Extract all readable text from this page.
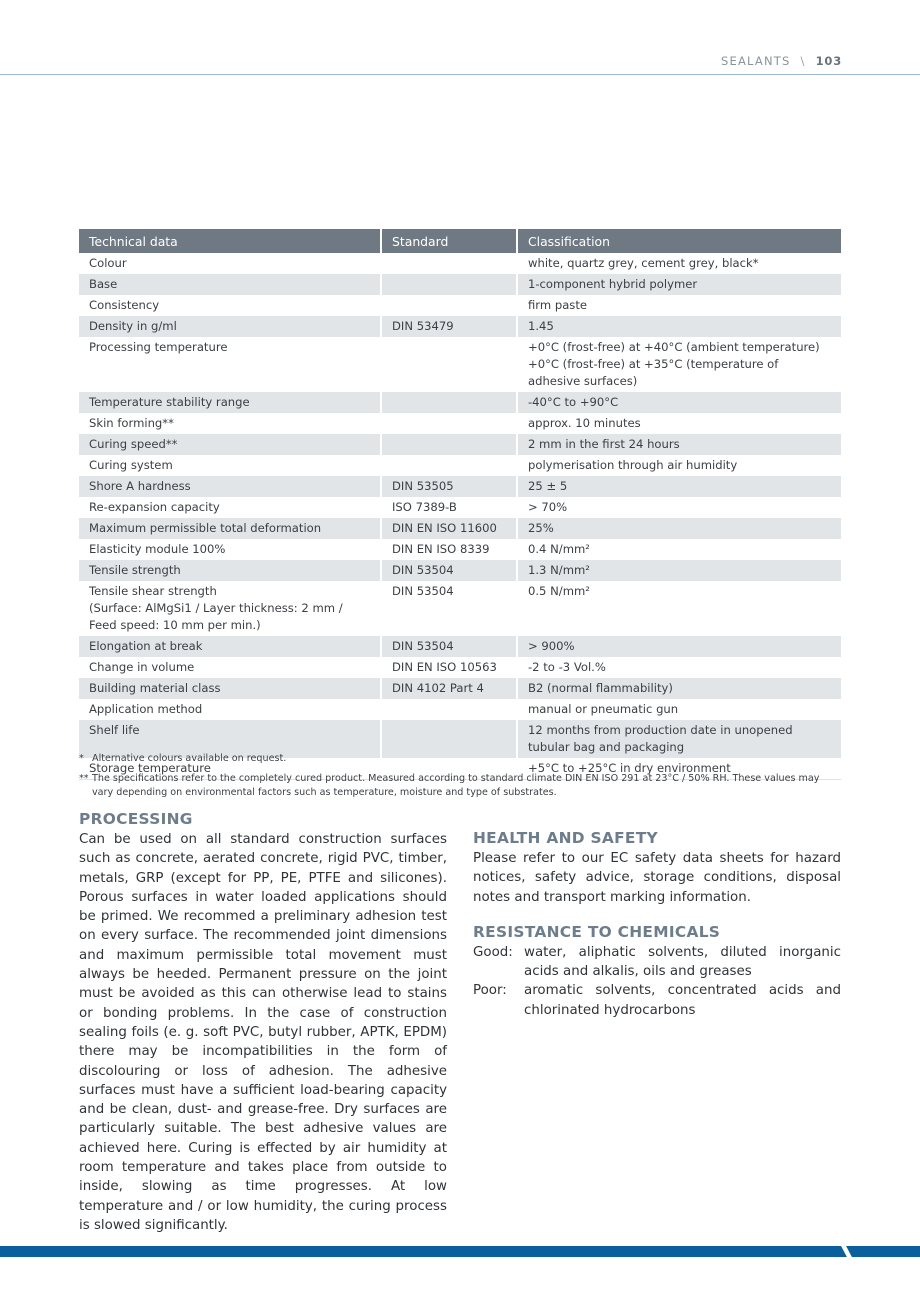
SEALANTS \ 103
Technical data	Standard	Classification
Colour		white, quartz grey, cement grey, black*

Base		1-component hybrid polymer

Consistency		firm paste

Density in g/ml	DIN 53479	1.45

Processing temperature		+0°C (frost-free) at +40°C (ambient temperature)
+0°C (frost-free) at +35°C (temperature of adhesive surfaces)

Temperature stability range		-40°C to +90°C

Skin forming**		approx. 10 minutes

Curing speed**		2 mm in the first 24 hours

Curing system		polymerisation through air humidity

Shore A hardness	DIN 53505	25 ± 5

Re-expansion capacity	ISO 7389-B	> 70%

Maximum permissible total deformation	DIN EN ISO 11600	25%

Elasticity module 100%	DIN EN ISO 8339	0.4 N/mm²

Tensile strength	DIN 53504	1.3 N/mm²

Tensile shear strength
(Surface: AlMgSi1 / Layer thickness: 2 mm /
Feed speed: 10 mm per min.)	DIN 53504	0.5 N/mm²

Elongation at break	DIN 53504	> 900%

Change in volume	DIN EN ISO 10563	-2 to -3 Vol.%

Building material class	DIN 4102 Part 4	B2 (normal flammability)

Application method		manual or pneumatic gun

Shelf life		12 months from production date in unopened
tubular bag and packaging

Storage temperature		+5°C to +25°C in dry environment
* Alternative colours available on request.
** The specifications refer to the completely cured product. Measured according to standard climate DIN EN ISO 291 at 23°C / 50% RH. These values may vary depending on environmental factors such as temperature, moisture and type of substrates.
PROCESSING

Can be used on all standard construction surfaces such as concrete, aerated concrete, rigid PVC, timber, metals, GRP (except for PP, PE, PTFE and silicones). Porous surfaces in water loaded applications should be primed. We recommed a preliminary adhesion test on every surface. The recommended joint dimensions and maximum permissible total movement must always be heeded. Permanent pressure on the joint must be avoided as this can otherwise lead to stains or bonding problems. In the case of construction sealing foils (e. g. soft PVC, butyl rubber, APTK, EPDM) there may be incompatibilities in the form of discolouring or loss of adhesion. The adhesive surfaces must have a sufficient load-bearing capacity and be clean, dust- and grease-free. Dry surfaces are particularly suitable. The best adhesive values are achieved here. Curing is effected by air humidity at room temperature and takes place from outside to inside, slowing as time progresses. At low temperature and / or low humidity, the curing process is slowed significantly.

HEALTH AND SAFETY

Please refer to our EC safety data sheets for hazard notices, safety advice, storage conditions, disposal notes and transport marking information.

RESISTANCE TO CHEMICALS
Good: water, aliphatic solvents, diluted inorganic acids and alkalis, oils and greases
Poor:	aromatic solvents, concentrated acids and chlorinated hydrocarbons
